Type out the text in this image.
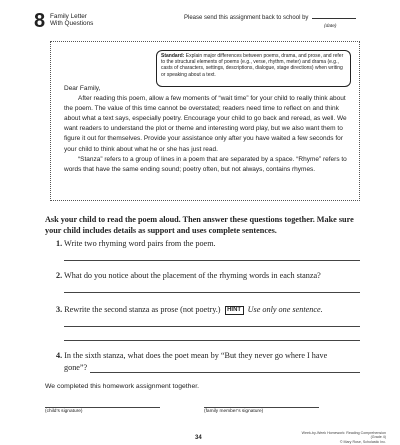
8 Family Letter
With Questions
Please send this assignment back to school by
(date)
Standard: Explain major differences between poems, drama, and prose, and refer to the structural elements of poems (e.g., verse, rhythm, meter) and drama (e.g., casts of characters, settings, descriptions, dialogue, stage directions) when writing or speaking about a text.

Dear Family,

After reading this poem, allow a few moments of “wait time” for your child to really think about the poem. The value of this time cannot be overstated; readers need time to reflect on and think about what a text says, especially poetry. Encourage your child to go back and reread, as well. We want readers to understand the plot or theme and interesting word play, but we also want them to figure it out for themselves. Provide your assistance only after you have waited a few seconds for your child to think about what he or she has just read.

“Stanza” refers to a group of lines in a poem that are separated by a space. “Rhyme” refers to words that have the same ending sound; poetry often, but not always, contains rhymes.

Ask your child to read the poem aloud. Then answer these questions together. Make sure your child includes details as support and uses complete sentences.
1. Write two rhyming word pairs from the poem.
2. What do you notice about the placement of the rhyming words in each stanza?
3. Rewrite the second stanza as prose (not poetry.) HINT Use only one sentence.
4. In the sixth stanza, what does the poet mean by “But they never go where I have
gone”?
We completed this homework assignment together.
(child’s signature)	(family member’s signature)
34
Week-by-Week Homework: Reading Comprehension (Grade 4)
© Mary Rose, Scholastic Inc.
